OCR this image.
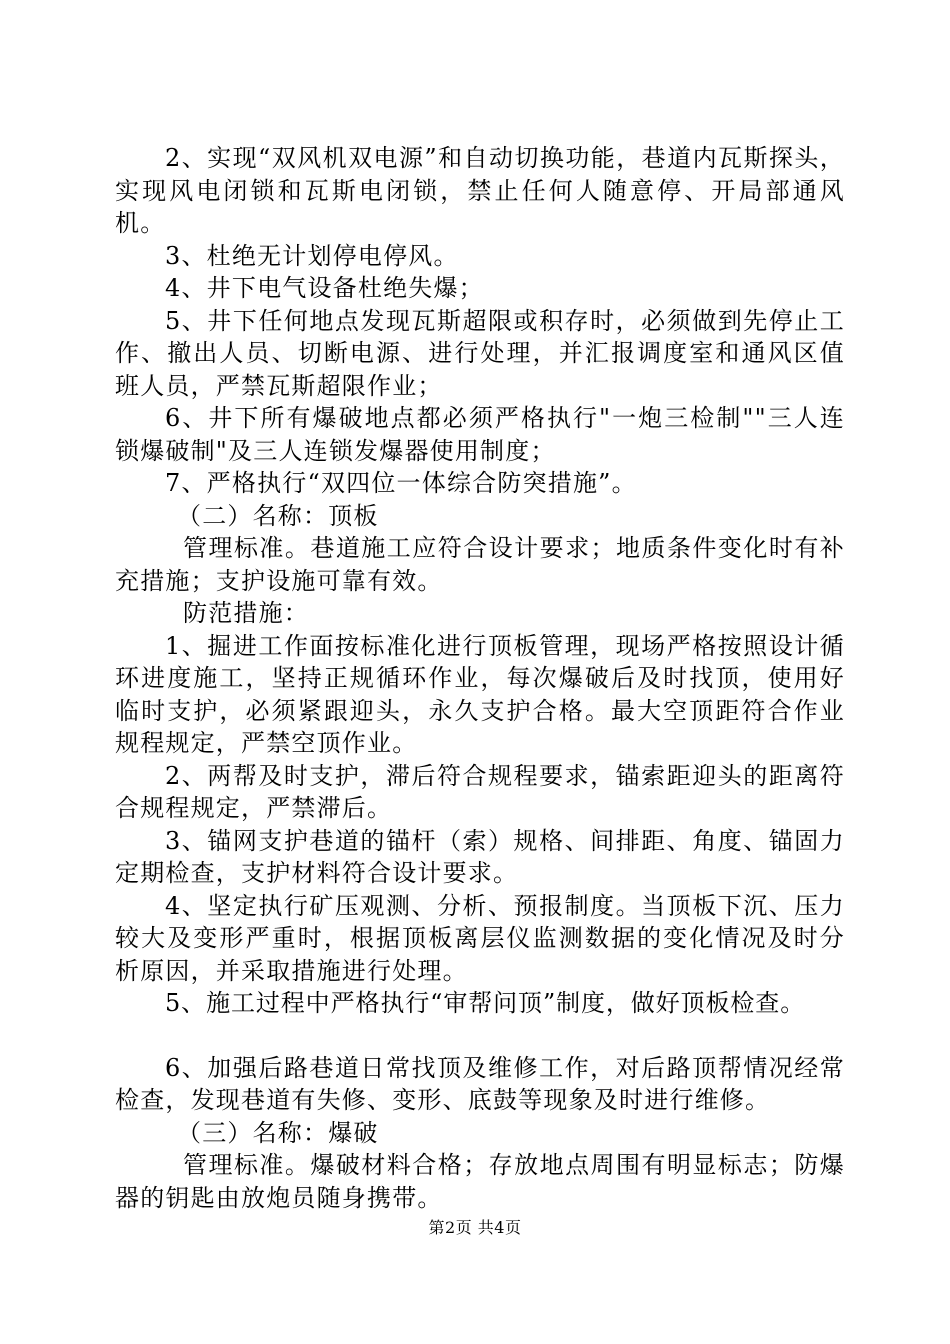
2、实现“双风机双电源”和自动切换功能，巷道内瓦斯探头，实现风电闭锁和瓦斯电闭锁，禁止任何人随意停、开局部通风机。

3、杜绝无计划停电停风。

4、井下电气设备杜绝失爆；

5、井下任何地点发现瓦斯超限或积存时，必须做到先停止工作、撤出人员、切断电源、进行处理，并汇报调度室和通风区值班人员，严禁瓦斯超限作业；

6、井下所有爆破地点都必须严格执行"一炮三检制""三人连锁爆破制"及三人连锁发爆器使用制度；

7、严格执行“双四位一体综合防突措施”。

（二）名称：顶板

管理标准。巷道施工应符合设计要求；地质条件变化时有补充措施；支护设施可靠有效。

防范措施：

1、掘进工作面按标准化进行顶板管理，现场严格按照设计循环进度施工，坚持正规循环作业，每次爆破后及时找顶，使用好临时支护，必须紧跟迎头，永久支护合格。最大空顶距符合作业规程规定，严禁空顶作业。

2、两帮及时支护，滞后符合规程要求，锚索距迎头的距离符合规程规定，严禁滞后。

3、锚网支护巷道的锚杆（索）规格、间排距、角度、锚固力定期检查，支护材料符合设计要求。

4、坚定执行矿压观测、分析、预报制度。当顶板下沉、压力较大及变形严重时，根据顶板离层仪监测数据的变化情况及时分析原因，并采取措施进行处理。

5、施工过程中严格执行“审帮问顶”制度，做好顶板检查。

6、加强后路巷道日常找顶及维修工作，对后路顶帮情况经常检查，发现巷道有失修、变形、底鼓等现象及时进行维修。

（三）名称：爆破

管理标准。爆破材料合格；存放地点周围有明显标志；防爆器的钥匙由放炮员随身携带。

第2页 共4页
